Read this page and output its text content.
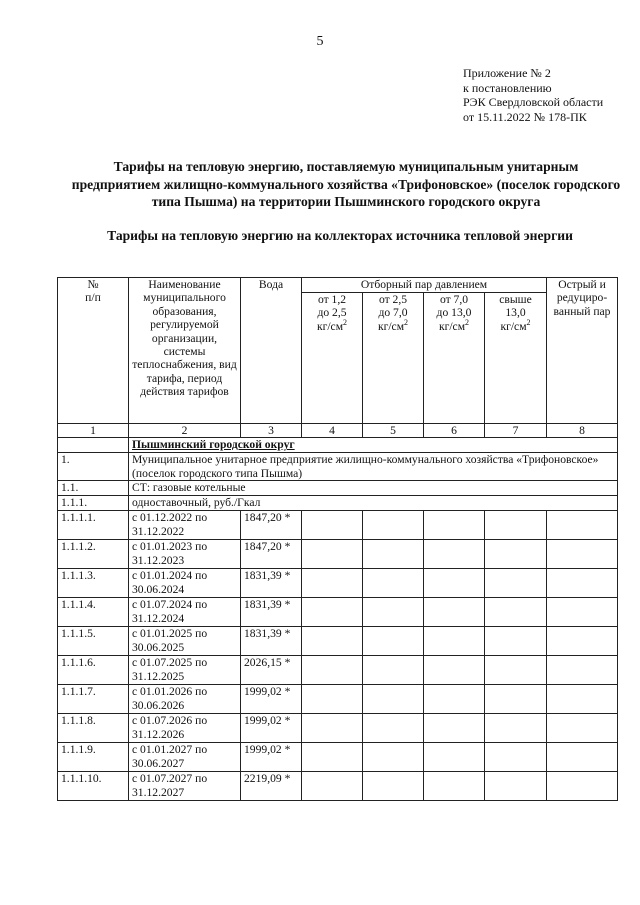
5
Приложение № 2
к постановлению
РЭК Свердловской области
от 15.11.2022 № 178-ПК
Тарифы на тепловую энергию, поставляемую муниципальным унитарным предприятием жилищно-коммунального хозяйства «Трифоновское» (поселок городского типа Пышма) на территории Пышминского городского округа
Тарифы на тепловую энергию на коллекторах источника тепловой энергии
№
п/п	Наименование муниципального образования, регулируемой организации, системы теплоснабжения, вид тарифа, период действия тарифов	Вода	Отборный пар давлением				Острый и редуциро-ванный пар
			от 1,2
до 2,5
$кг/см^2$	от 2,5
до 7,0
$кг/см^2$	от 7,0
до 13,0
$кг/см^2$	свыше
13,0
$кг/см^2$
1	2	3	4	5	6	7	8
	Пышминский городской округ						
1.	Муниципальное унитарное предприятие жилищно-коммунального хозяйства «Трифоновское» (поселок городского типа Пышма)						
1.1.	СТ: газовые котельные						
1.1.1.	одноставочный, руб./Гкал						
1.1.1.1.	с 01.12.2022 по 31.12.2022	1847,20 *					
1.1.1.2.	с 01.01.2023 по 31.12.2023	1847,20 *					
1.1.1.3.	с 01.01.2024 по 30.06.2024	1831,39 *					
1.1.1.4.	с 01.07.2024 по 31.12.2024	1831,39 *					
1.1.1.5.	с 01.01.2025 по 30.06.2025	1831,39 *					
1.1.1.6.	с 01.07.2025 по 31.12.2025	2026,15 *					
1.1.1.7.	с 01.01.2026 по 30.06.2026	1999,02 *					
1.1.1.8.	с 01.07.2026 по 31.12.2026	1999,02 *					
1.1.1.9.	с 01.01.2027 по 30.06.2027	1999,02 *					
1.1.1.10.	с 01.07.2027 по 31.12.2027	2219,09 *					
